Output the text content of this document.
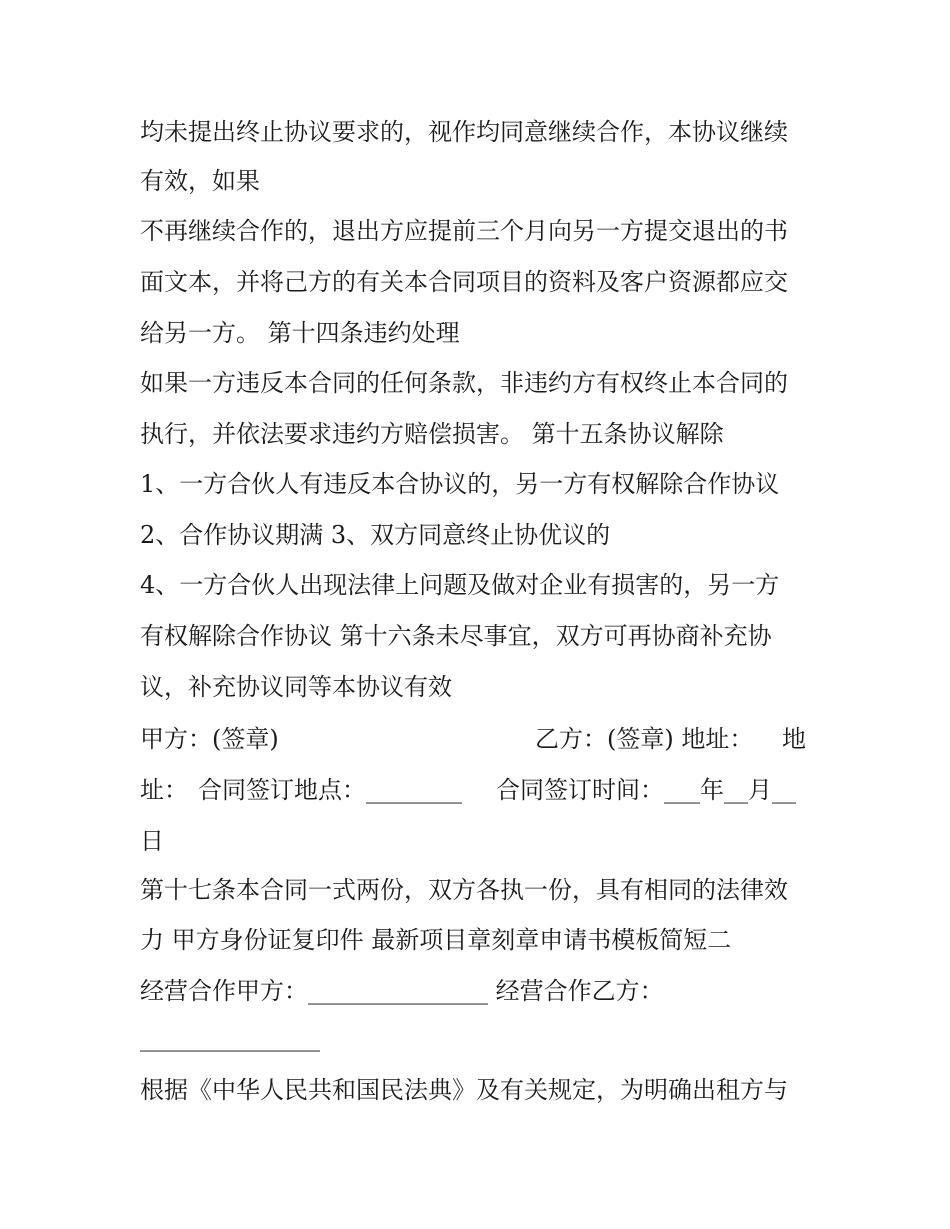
均未提出终止协议要求的，视作均同意继续合作，本协议继续
有效，如果
不再继续合作的，退出方应提前三个月向另一方提交退出的书
面文本，并将己方的有关本合同项目的资料及客户资源都应交
给另一方。 第十四条违约处理
如果一方违反本合同的任何条款，非违约方有权终止本合同的
执行，并依法要求违约方赔偿损害。 第十五条协议解除
1、一方合伙人有违反本合协议的，另一方有权解除合作协议
2、合作协议期满 3、双方同意终止协优议的
4、一方合伙人出现法律上问题及做对企业有损害的，另一方
有权解除合作协议 第十六条未尽事宜，双方可再协商补充协
议，补充协议同等本协议有效
甲方：(签章)	乙方：(签章) 地址： 地
址： 合同签订地点：________ 合同签订时间：___年__月__
日
第十七条本合同一式两份，双方各执一份，具有相同的法律效
力 甲方身份证复印件 最新项目章刻章申请书模板简短二
经营合作甲方：_______________ 经营合作乙方：
_______________
根据《中华人民共和国民法典》及有关规定，为明确出租方与
